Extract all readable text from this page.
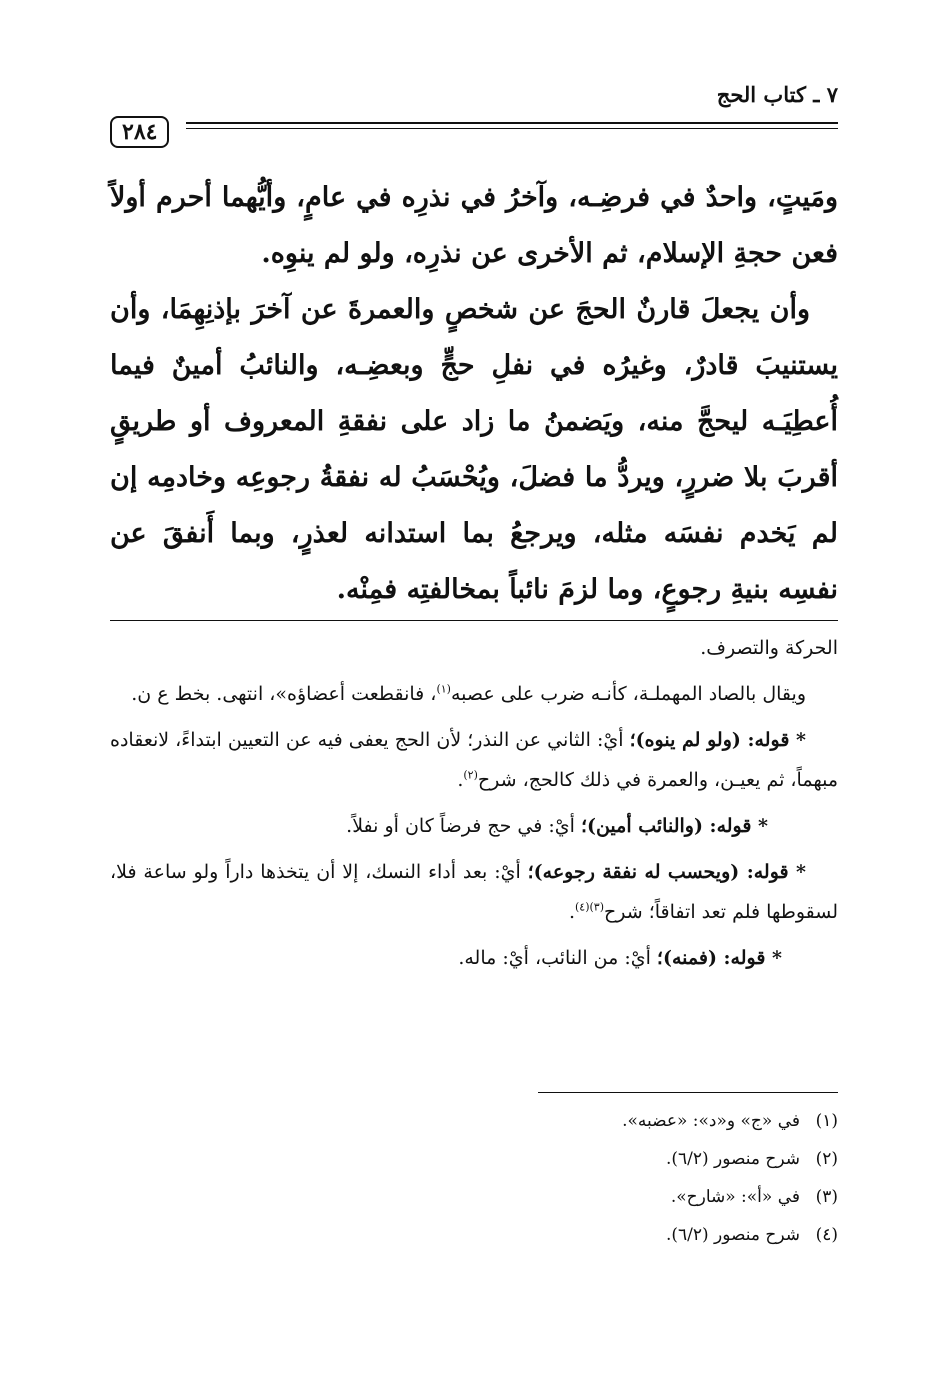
٧ ـ كتاب الحج
٢٨٤

ومَيتٍ، واحدٌ في فرضِـه، وآخرُ في نذرِه في عامٍ، وأيُّهما أحرم أولاً فعن حجةِ الإسلام، ثم الأخرى عن نذرِه، ولو لم ينوِه.

وأن يجعلَ قارنٌ الحجَ عن شخصٍ والعمرةَ عن آخرَ بإذنِهِمَا، وأن يستنيبَ قادرٌ، وغيرُه في نفلِ حجٍّ وبعضِـه، والنائبُ أمينٌ فيما أُعطِيَـه ليحجَّ منه، ويَضمنُ ما زاد على نفقةِ المعروف أو طريقٍ أقربَ بلا ضررٍ، ويردُّ ما فضلَ، ويُحْسَبُ له نفقةُ رجوعِه وخادمِه إن لم يَخدم نفسَه مثله، ويرجعُ بما استدانه لعذرٍ، وبما أَنفقَ عن نفسِه بنيةِ رجوعٍ، وما لزمَ نائباً بمخالفتِه فمِنْه.

الحركة والتصرف.

ويقال بالصاد المهملـة، كأنـه ضرب على عصبه$^{(١)}$، فانقطعت أعضاؤه»، انتهى. بخط ع ن.

* قوله: (ولو لم ينوه)؛ أيْ: الثاني عن النذر؛ لأن الحج يعفى فيه عن التعيين ابتداءً، لانعقاده مبهماً، ثم يعيـن، والعمرة في ذلك كالحج، شرح$^{(٢)}$.

* قوله: (والنائب أمين)؛ أيْ: في حج فرضاً كان أو نفلاً.

* قوله: (ويحسب له نفقة رجوعه)؛ أيْ: بعد أداء النسك، إلا أن يتخذها داراً ولو ساعة فلا، لسقوطها فلم تعد اتفاقاً؛ شرح$^{(٣)(٤)}$.

* قوله: (فمنه)؛ أيْ: من النائب، أيْ: ماله.

(١)في «ج» و«د»: «عضبه».
(٢)شرح منصور (٦/٢).
(٣)في «أ»: «شارح».
(٤)شرح منصور (٦/٢).
